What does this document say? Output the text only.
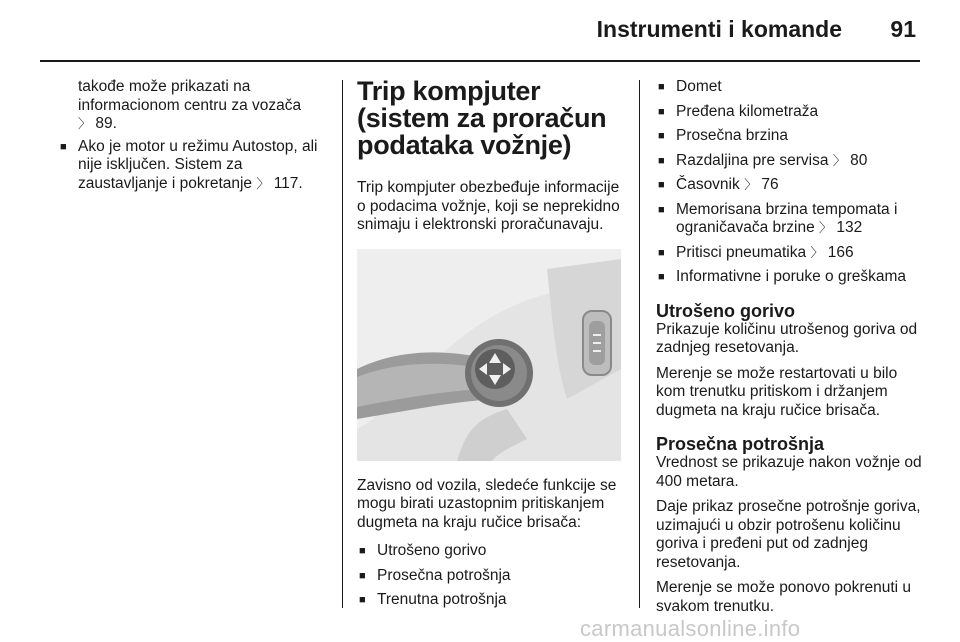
Instrumenti i komande 91
takođe može prikazati na
informacionom centru za vozača
〉 89.
■ Ako je motor u režimu Autostop, ali nije isključen. Sistem za zaustavljanje i pokretanje 〉 117.
Trip kompjuter (sistem za proračun podataka vožnje)

Trip kompjuter obezbeđuje informacije o podacima vožnje, koji se neprekidno snimaju i elektronski proračunavaju.

Zavisno od vozila, sledeće funkcije se mogu birati uzastopnim pritiskanjem dugmeta na kraju ručice brisača:

■ Utrošeno gorivo
■ Prosečna potrošnja
■ Trenutna potrošnja
■ Domet
■ Pređena kilometraža
■ Prosečna brzina
■ Razdaljina pre servisa 〉 80
■ Časovnik 〉 76
■ Memorisana brzina tempomata i ograničavača brzine 〉 132
■ Pritisci pneumatika 〉 166
■ Informativne i poruke o greškama
Utrošeno gorivo

Prikazuje količinu utrošenog goriva od zadnjeg resetovanja.

Merenje se može restartovati u bilo kom trenutku pritiskom i držanjem dugmeta na kraju ručice brisača.

Prosečna potrošnja

Vrednost se prikazuje nakon vožnje od 400 metara.

Daje prikaz prosečne potrošnje goriva, uzimajući u obzir potrošenu količinu goriva i pređeni put od zadnjeg resetovanja.

Merenje se može ponovo pokrenuti u svakom trenutku.

carmanualsonline.info
